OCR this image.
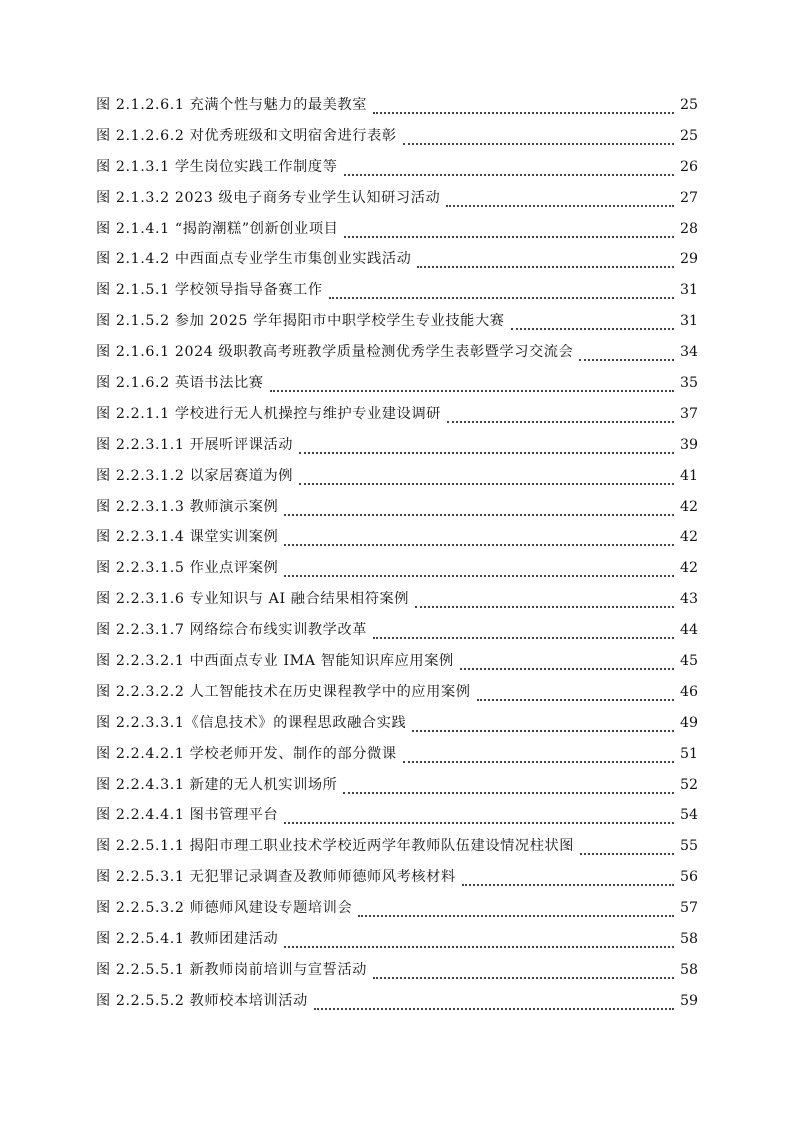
图 2.1.2.6.1 充满个性与魅力的最美教室	25
图 2.1.2.6.2 对优秀班级和文明宿舍进行表彰	25
图 2.1.3.1 学生岗位实践工作制度等	26
图 2.1.3.2 2023 级电子商务专业学生认知研习活动	27
图 2.1.4.1 “揭韵潮糕”创新创业项目	28
图 2.1.4.2 中西面点专业学生市集创业实践活动	29
图 2.1.5.1 学校领导指导备赛工作	31
图 2.1.5.2 参加 2025 学年揭阳市中职学校学生专业技能大赛	31
图 2.1.6.1 2024 级职教高考班教学质量检测优秀学生表彰暨学习交流会	34
图 2.1.6.2 英语书法比赛	35
图 2.2.1.1 学校进行无人机操控与维护专业建设调研	37
图 2.2.3.1.1 开展听评课活动	39
图 2.2.3.1.2 以家居赛道为例	41
图 2.2.3.1.3 教师演示案例	42
图 2.2.3.1.4 课堂实训案例	42
图 2.2.3.1.5 作业点评案例	42
图 2.2.3.1.6 专业知识与 AI 融合结果相符案例	43
图 2.2.3.1.7 网络综合布线实训教学改革	44
图 2.2.3.2.1 中西面点专业 IMA 智能知识库应用案例	45
图 2.2.3.2.2 人工智能技术在历史课程教学中的应用案例	46
图 2.2.3.3.1《信息技术》的课程思政融合实践	49
图 2.2.4.2.1 学校老师开发、制作的部分微课	51
图 2.2.4.3.1 新建的无人机实训场所	52
图 2.2.4.4.1 图书管理平台	54
图 2.2.5.1.1 揭阳市理工职业技术学校近两学年教师队伍建设情况柱状图	55
图 2.2.5.3.1 无犯罪记录调查及教师师德师风考核材料	56
图 2.2.5.3.2 师德师风建设专题培训会	57
图 2.2.5.4.1 教师团建活动	58
图 2.2.5.5.1 新教师岗前培训与宣誓活动	58
图 2.2.5.5.2 教师校本培训活动	59
